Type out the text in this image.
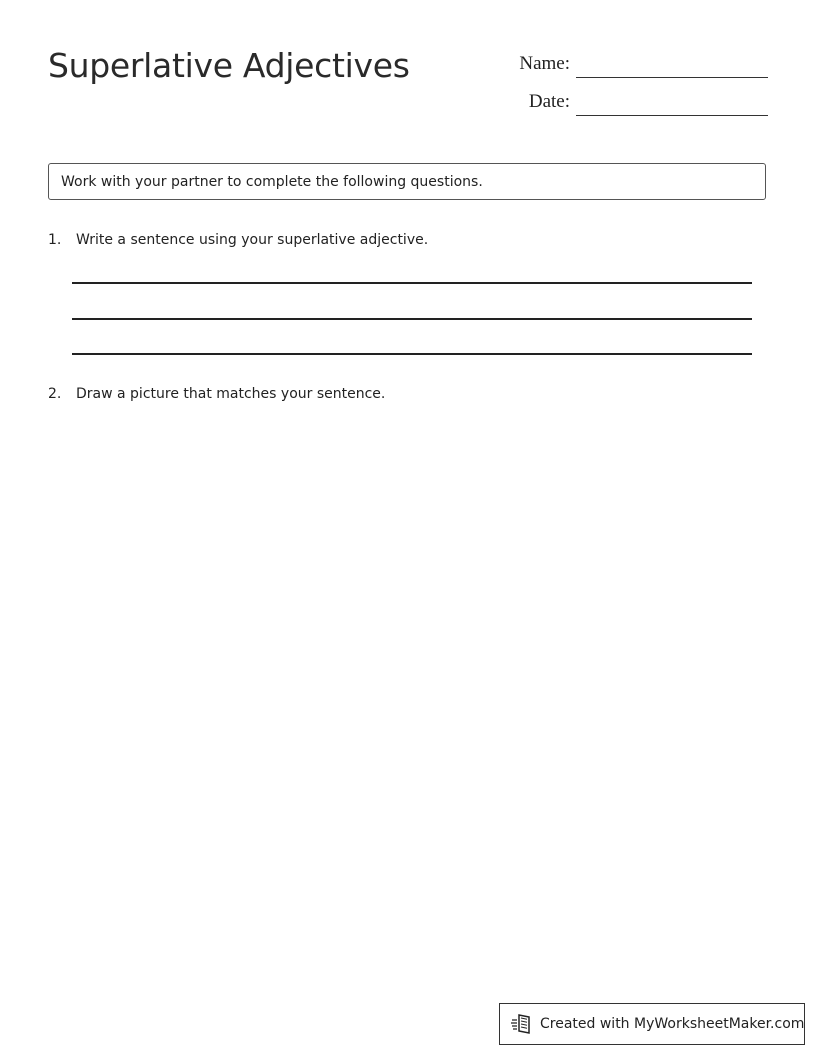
Superlative Adjectives	Name:
Date:
Work with your partner to complete the following questions.
1. Write a sentence using your superlative adjective.
2. Draw a picture that matches your sentence.
Created with MyWorksheetMaker.com
